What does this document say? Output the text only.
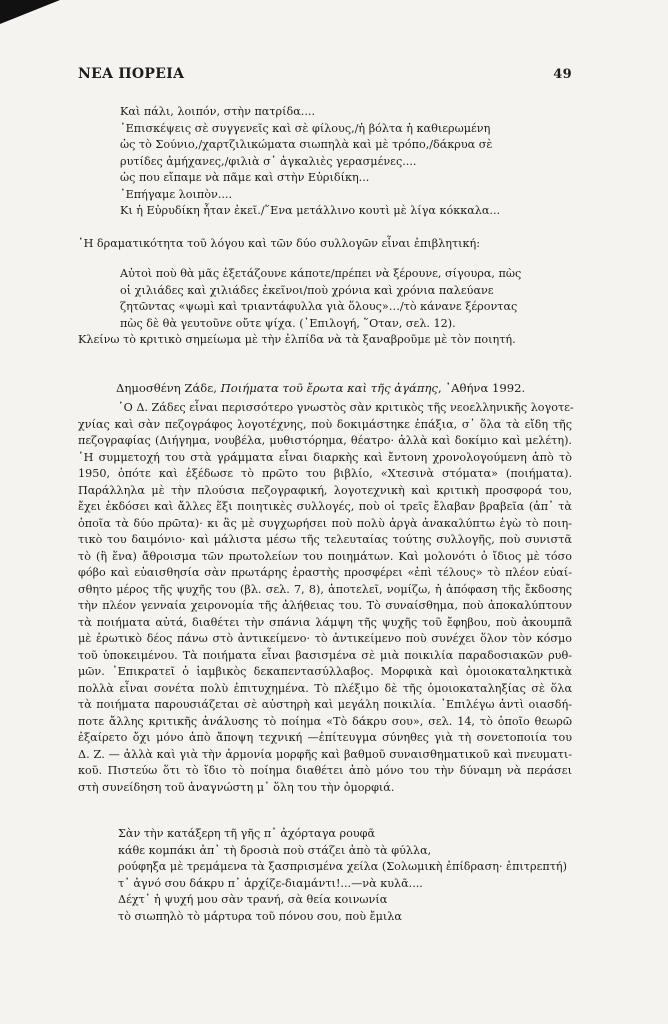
ΝΕΑ ΠΟΡΕΙΑ	49
Καὶ πάλι, λοιπόν, στὴν πατρίδα....
᾿Επισκέψεις σὲ συγγενεῖς καὶ σὲ φίλους,/ἡ βόλτα ἡ καθιερωμένη
ὡς τὸ Σούνιο,/χαρτζιλικώματα σιωπηλὰ καὶ μὲ τρόπο,/δάκρυα σὲ
ρυτίδες ἀμήχανες,/φιλιὰ σ᾽ ἀγκαλιὲς γερασμένες....
ὡς που εἴπαμε νὰ πᾶμε καὶ στὴν Εὐριδίκη...
᾿Επήγαμε λοιπὸν....
Κι ἡ Εὐρυδίκη ἦταν ἐκεῖ./῞Ενα μετάλλινο κουτὶ μὲ λίγα κόκκαλα...
῾Η δραματικότητα τοῦ λόγου καὶ τῶν δύο συλλογῶν εἶναι ἐπιβλητική:
Αὐτοὶ ποὺ θὰ μᾶς ἐξετάζουνε κάποτε/πρέπει νὰ ξέρουνε, σίγουρα, πὼς
οἱ χιλιάδες καὶ χιλιάδες ἐκεῖνοι/ποὺ χρόνια καὶ χρόνια παλεύανε
ζητῶντας «ψωμὶ καὶ τριαντάφυλλα γιὰ ὅλους»…/τὸ κάνανε ξέροντας
πὼς δὲ θὰ γευτοῦνε οὔτε ψίχα. (᾿Επιλογή, ῞Οταν, σελ. 12).
Κλείνω τὸ κριτικὸ σημείωμα μὲ τὴν ἐλπίδα νὰ τὰ ξαναβροῦμε μὲ τὸν ποιητή.
Δημοσθένη Ζάδε, Ποιήματα τοῦ ἔρωτα καὶ τῆς ἀγάπης, ᾿Αθήνα 1992.
῾Ο Δ. Ζάδες εἶναι περισσότερο γνωστὸς σὰν κριτικὸς τῆς νεοελληνικῆς λογοτε-
χνίας καὶ σὰν πεζογράφος λογοτέχνης, ποὺ δοκιμάστηκε ἐπάξια, σ᾽ ὅλα τὰ εἴδη τῆς
πεζογραφίας (Διήγημα, νουβέλα, μυθιστόρημα, θέατρο· ἀλλὰ καὶ δοκίμιο καὶ μελέτη).
῾Η συμμετοχή του στὰ γράμματα εἶναι διαρκὴς καὶ ἔντονη χρονολογούμενη ἀπὸ τὸ
1950, ὁπότε καὶ ἐξέδωσε τὸ πρῶτο του βιβλίο, «Χτεσινὰ στόματα» (ποιήματα).
Παράλληλα μὲ τὴν πλούσια πεζογραφική, λογοτεχνικὴ καὶ κριτικὴ προσφορά του,
ἔχει ἐκδόσει καὶ ἄλλες ἕξι ποιητικὲς συλλογές, ποὺ οἱ τρεῖς ἔλαβαν βραβεῖα (ἀπ᾽ τὰ
ὁποῖα τὰ δύο πρῶτα)· κι ἂς μὲ συγχωρήσει ποὺ πολὺ ἀργὰ ἀνακαλύπτω ἐγὼ τὸ ποιη-
τικὸ του δαιμόνιο· καὶ μάλιστα μέσω τῆς τελευταίας τούτης συλλογῆς, ποὺ συνιστᾶ
τὸ (ἢ ἕνα) ἄθροισμα τῶν πρωτολείων του ποιημάτων. Καὶ μολονότι ὁ ἴδιος μὲ τόσο
φόβο καὶ εὐαισθησία σὰν πρωτάρης ἐραστὴς προσφέρει «ἐπὶ τέλους» τὸ πλέον εὐαί-
σθητο μέρος τῆς ψυχῆς του (βλ. σελ. 7, 8), ἀποτελεῖ, νομίζω, ἡ ἀπόφαση τῆς ἔκδοσης
τὴν πλέον γενναία χειρονομία τῆς ἀλήθειας του. Τὸ συναίσθημα, ποὺ ἀποκαλύπτουν
τὰ ποιήματα αὐτά, διαθέτει τὴν σπάνια λάμψη τῆς ψυχῆς τοῦ ἔφηβου, ποὺ ἀκουμπᾶ
μὲ ἐρωτικὸ δέος πάνω στὸ ἀντικείμενο· τὸ ἀντικείμενο ποὺ συνέχει ὅλον τὸν κόσμο
τοῦ ὑποκειμένου. Τὰ ποιήματα εἶναι βασισμένα σὲ μιὰ ποικιλία παραδοσιακῶν ρυθ-
μῶν. ᾿Επικρατεῖ ὁ ἰαμβικὸς δεκαπεντασύλλαβος. Μορφικὰ καὶ ὁμοιοκαταληκτικὰ
πολλὰ εἶναι σονέτα πολὺ ἐπιτυχημένα. Τὸ πλέξιμο δὲ τῆς ὁμοιοκαταληξίας σὲ ὅλα
τὰ ποιήματα παρουσιάζεται σὲ αὐστηρὴ καὶ μεγάλη ποικιλία. ᾿Επιλέγω ἀντὶ οιασδή-
ποτε ἄλλης κριτικῆς ἀνάλυσης τὸ ποίημα «Τὸ δάκρυ σου», σελ. 14, τὸ ὁποῖο θεωρῶ
ἐξαίρετο ὄχι μόνο ἀπὸ ἄποψη τεχνική —ἐπίτευγμα σύνηθες γιὰ τὴ σονετοποιία του
Δ. Ζ. — ἀλλὰ καὶ γιὰ τὴν ἁρμονία μορφῆς καὶ βαθμοῦ συναισθηματικοῦ καὶ πνευματι-
κοῦ. Πιστεύω ὅτι τὸ ἴδιο τὸ ποίημα διαθέτει ἀπὸ μόνο του τὴν δύναμη νὰ περάσει
στὴ συνείδηση τοῦ ἀναγνώστη μ᾽ ὅλη του τὴν ὀμορφιά.
Σὰν τὴν κατάξερη τῆ γῆς π᾽ ἀχόρταγα ρουφᾶ
κάθε κομπάκι ἀπ᾽ τὴ δροσιὰ ποὺ στάζει ἀπὸ τὰ φύλλα,
ρούφηξα μὲ τρεμάμενα τὰ ξασπρισμένα χείλα (Σολωμικὴ ἐπίδραση· ἐπιτρεπτή)
τ᾽ ἀγνό σου δάκρυ π᾽ ἀρχίζε-διαμάντι!...—νὰ κυλᾶ....
Δέχτ᾽ ἡ ψυχή μου σὰν τρανή, σὰ θεία κοινωνία
τὸ σιωπηλὸ τὸ μάρτυρα τοῦ πόνου σου, ποὺ ἔμιλα
